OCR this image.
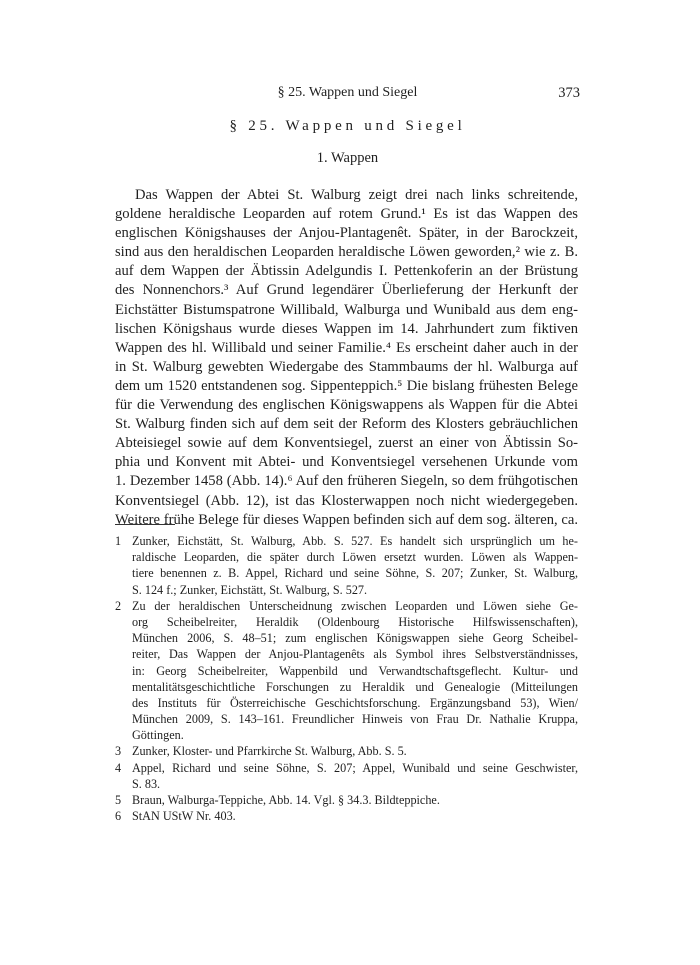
§ 25. Wappen und Siegel	373
§ 25. Wappen und Siegel
1. Wappen
Das Wappen der Abtei St. Walburg zeigt drei nach links schreitende,
goldene heraldische Leoparden auf rotem Grund.¹ Es ist das Wappen des
englischen Königshauses der Anjou-Plantagenêt. Später, in der Barockzeit,
sind aus den heraldischen Leoparden heraldische Löwen geworden,² wie z. B.
auf dem Wappen der Äbtissin Adelgundis I. Pettenkoferin an der Brüstung
des Nonnenchors.³ Auf Grund legendärer Überlieferung der Herkunft der
Eichstätter Bistumspatrone Willibald, Walburga und Wunibald aus dem eng-
lischen Königshaus wurde dieses Wappen im 14. Jahrhundert zum fiktiven
Wappen des hl. Willibald und seiner Familie.⁴ Es erscheint daher auch in der
in St. Walburg gewebten Wiedergabe des Stammbaums der hl. Walburga auf
dem um 1520 entstandenen sog. Sippenteppich.⁵ Die bislang frühesten Belege
für die Verwendung des englischen Königswappens als Wappen für die Abtei
St. Walburg finden sich auf dem seit der Reform des Klosters gebräuchlichen
Abteisiegel sowie auf dem Konventsiegel, zuerst an einer von Äbtissin So-
phia und Konvent mit Abtei- und Konventsiegel versehenen Urkunde vom
1. Dezember 1458 (Abb. 14).⁶ Auf den früheren Siegeln, so dem frühgotischen
Konventsiegel (Abb. 12), ist das Klosterwappen noch nicht wiedergegeben.
Weitere frühe Belege für dieses Wappen befinden sich auf dem sog. älteren, ca.
1 Zunker, Eichstätt, St. Walburg, Abb. S. 527. Es handelt sich ursprünglich um he-
raldische Leoparden, die später durch Löwen ersetzt wurden. Löwen als Wappen-
tiere benennen z. B. Appel, Richard und seine Söhne, S. 207; Zunker, St. Walburg,
S. 124 f.; Zunker, Eichstätt, St. Walburg, S. 527.
2 Zu der heraldischen Unterscheidnung zwischen Leoparden und Löwen siehe Ge-
org Scheibelreiter, Heraldik (Oldenbourg Historische Hilfswissenschaften),
München 2006, S. 48–51; zum englischen Königswappen siehe Georg Scheibel-
reiter, Das Wappen der Anjou-Plantagenêts als Symbol ihres Selbstverständnisses,
in: Georg Scheibelreiter, Wappenbild und Verwandtschaftsgeflecht. Kultur- und
mentalitätsgeschichtliche Forschungen zu Heraldik und Genealogie (Mitteilungen
des Instituts für Österreichische Geschichtsforschung. Ergänzungsband 53), Wien/
München 2009, S. 143–161. Freundlicher Hinweis von Frau Dr. Nathalie Kruppa,
Göttingen.
3 Zunker, Kloster- und Pfarrkirche St. Walburg, Abb. S. 5.
4 Appel, Richard und seine Söhne, S. 207; Appel, Wunibald und seine Geschwister,
S. 83.
5 Braun, Walburga-Teppiche, Abb. 14. Vgl. § 34.3. Bildteppiche.
6 StAN UStW Nr. 403.
